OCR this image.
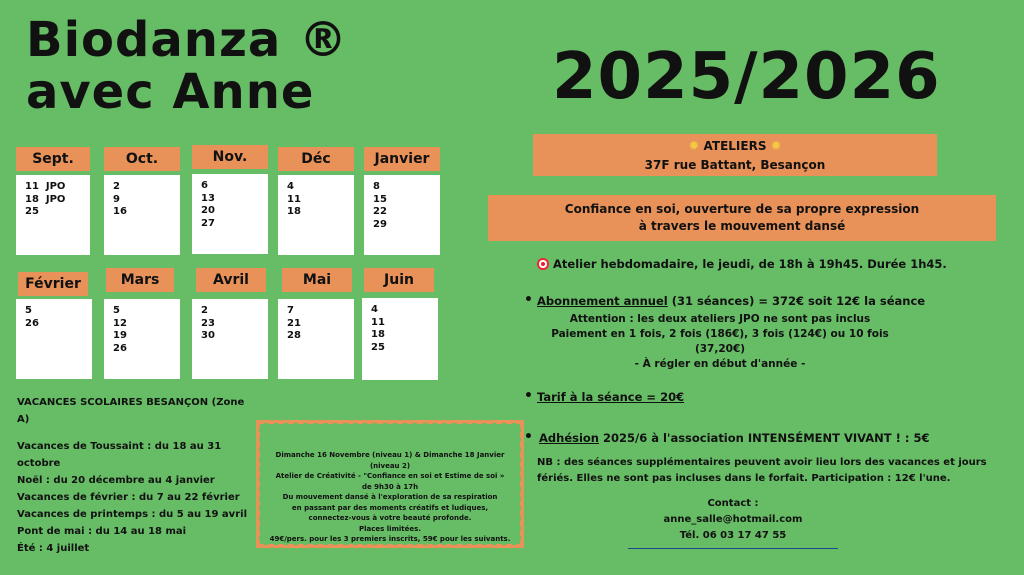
Biodanza ®
avec Anne	2025/2026
Sept.
11  JPO
18  JPO
25
Oct.
2
9
16
Nov.
6
13
20
27
Déc
4
11
18
Janvier
8
15
22
29
Février
5
26
Mars
5
12
19
26
Avril
2
23
30
Mai
7
21
28
Juin
4
11
18
25
VACANCES SCOLAIRES BESANÇON (Zone A)
Vacances de Toussaint : du 18 au 31 octobre
Noël : du 20 décembre au 4 janvier
Vacances de février : du 7 au 22 février
Vacances de printemps : du 5 au 19 avril
Pont de mai : du 14 au 18 mai
Été : 4 juillet
Dimanche 16 Novembre (niveau 1) & Dimanche 18 Janvier (niveau 2)
Atelier de Créativité - "Confiance en soi et Estime de soi »
de 9h30 à 17h
Du mouvement dansé à l'exploration de sa respiration
en passant par des moments créatifs et ludiques,
connectez-vous à votre beauté profonde.
Places limitées.
49€/pers. pour les 3 premiers inscrits, 59€ pour les suivants.
✹ ATELIERS ✹
37F rue Battant, Besançon
Confiance en soi, ouverture de sa propre expression
à travers le mouvement dansé
Atelier hebdomadaire, le jeudi, de 18h à 19h45. Durée 1h45.
• Abonnement annuel (31 séances) = 372€ soit 12€ la séance
Attention : les deux ateliers JPO ne sont pas inclus
Paiement en 1 fois, 2 fois (186€), 3 fois (124€) ou 10 fois (37,20€)
- À régler en début d'année -
• Tarif à la séance = 20€
• Adhésion 2025/6 à l'association INTENSÉMENT VIVANT ! : 5€
NB : des séances supplémentaires peuvent avoir lieu lors des vacances et jours
fériés. Elles ne sont pas incluses dans le forfait. Participation : 12€ l'une.
Contact :
anne_salle@hotmail.com
Tél. 06 03 17 47 55
